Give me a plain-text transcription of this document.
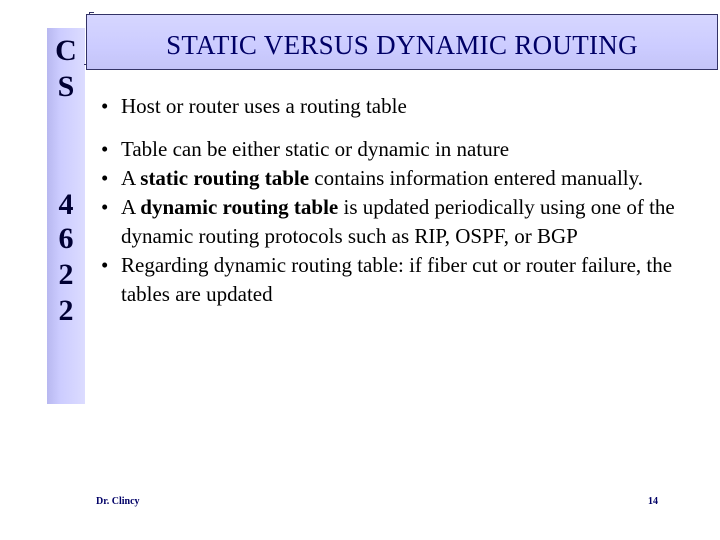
C
S
4
6
2
2
STATIC VERSUS DYNAMIC ROUTING
• Host or router uses a routing table
• Table can be either static or dynamic in nature
• A static routing table contains information entered manually.
• A dynamic routing table is updated periodically using one of the dynamic routing protocols such as RIP, OSPF, or BGP
• Regarding dynamic routing table: if fiber cut or router failure, the tables are updated
Dr. Clincy	14
